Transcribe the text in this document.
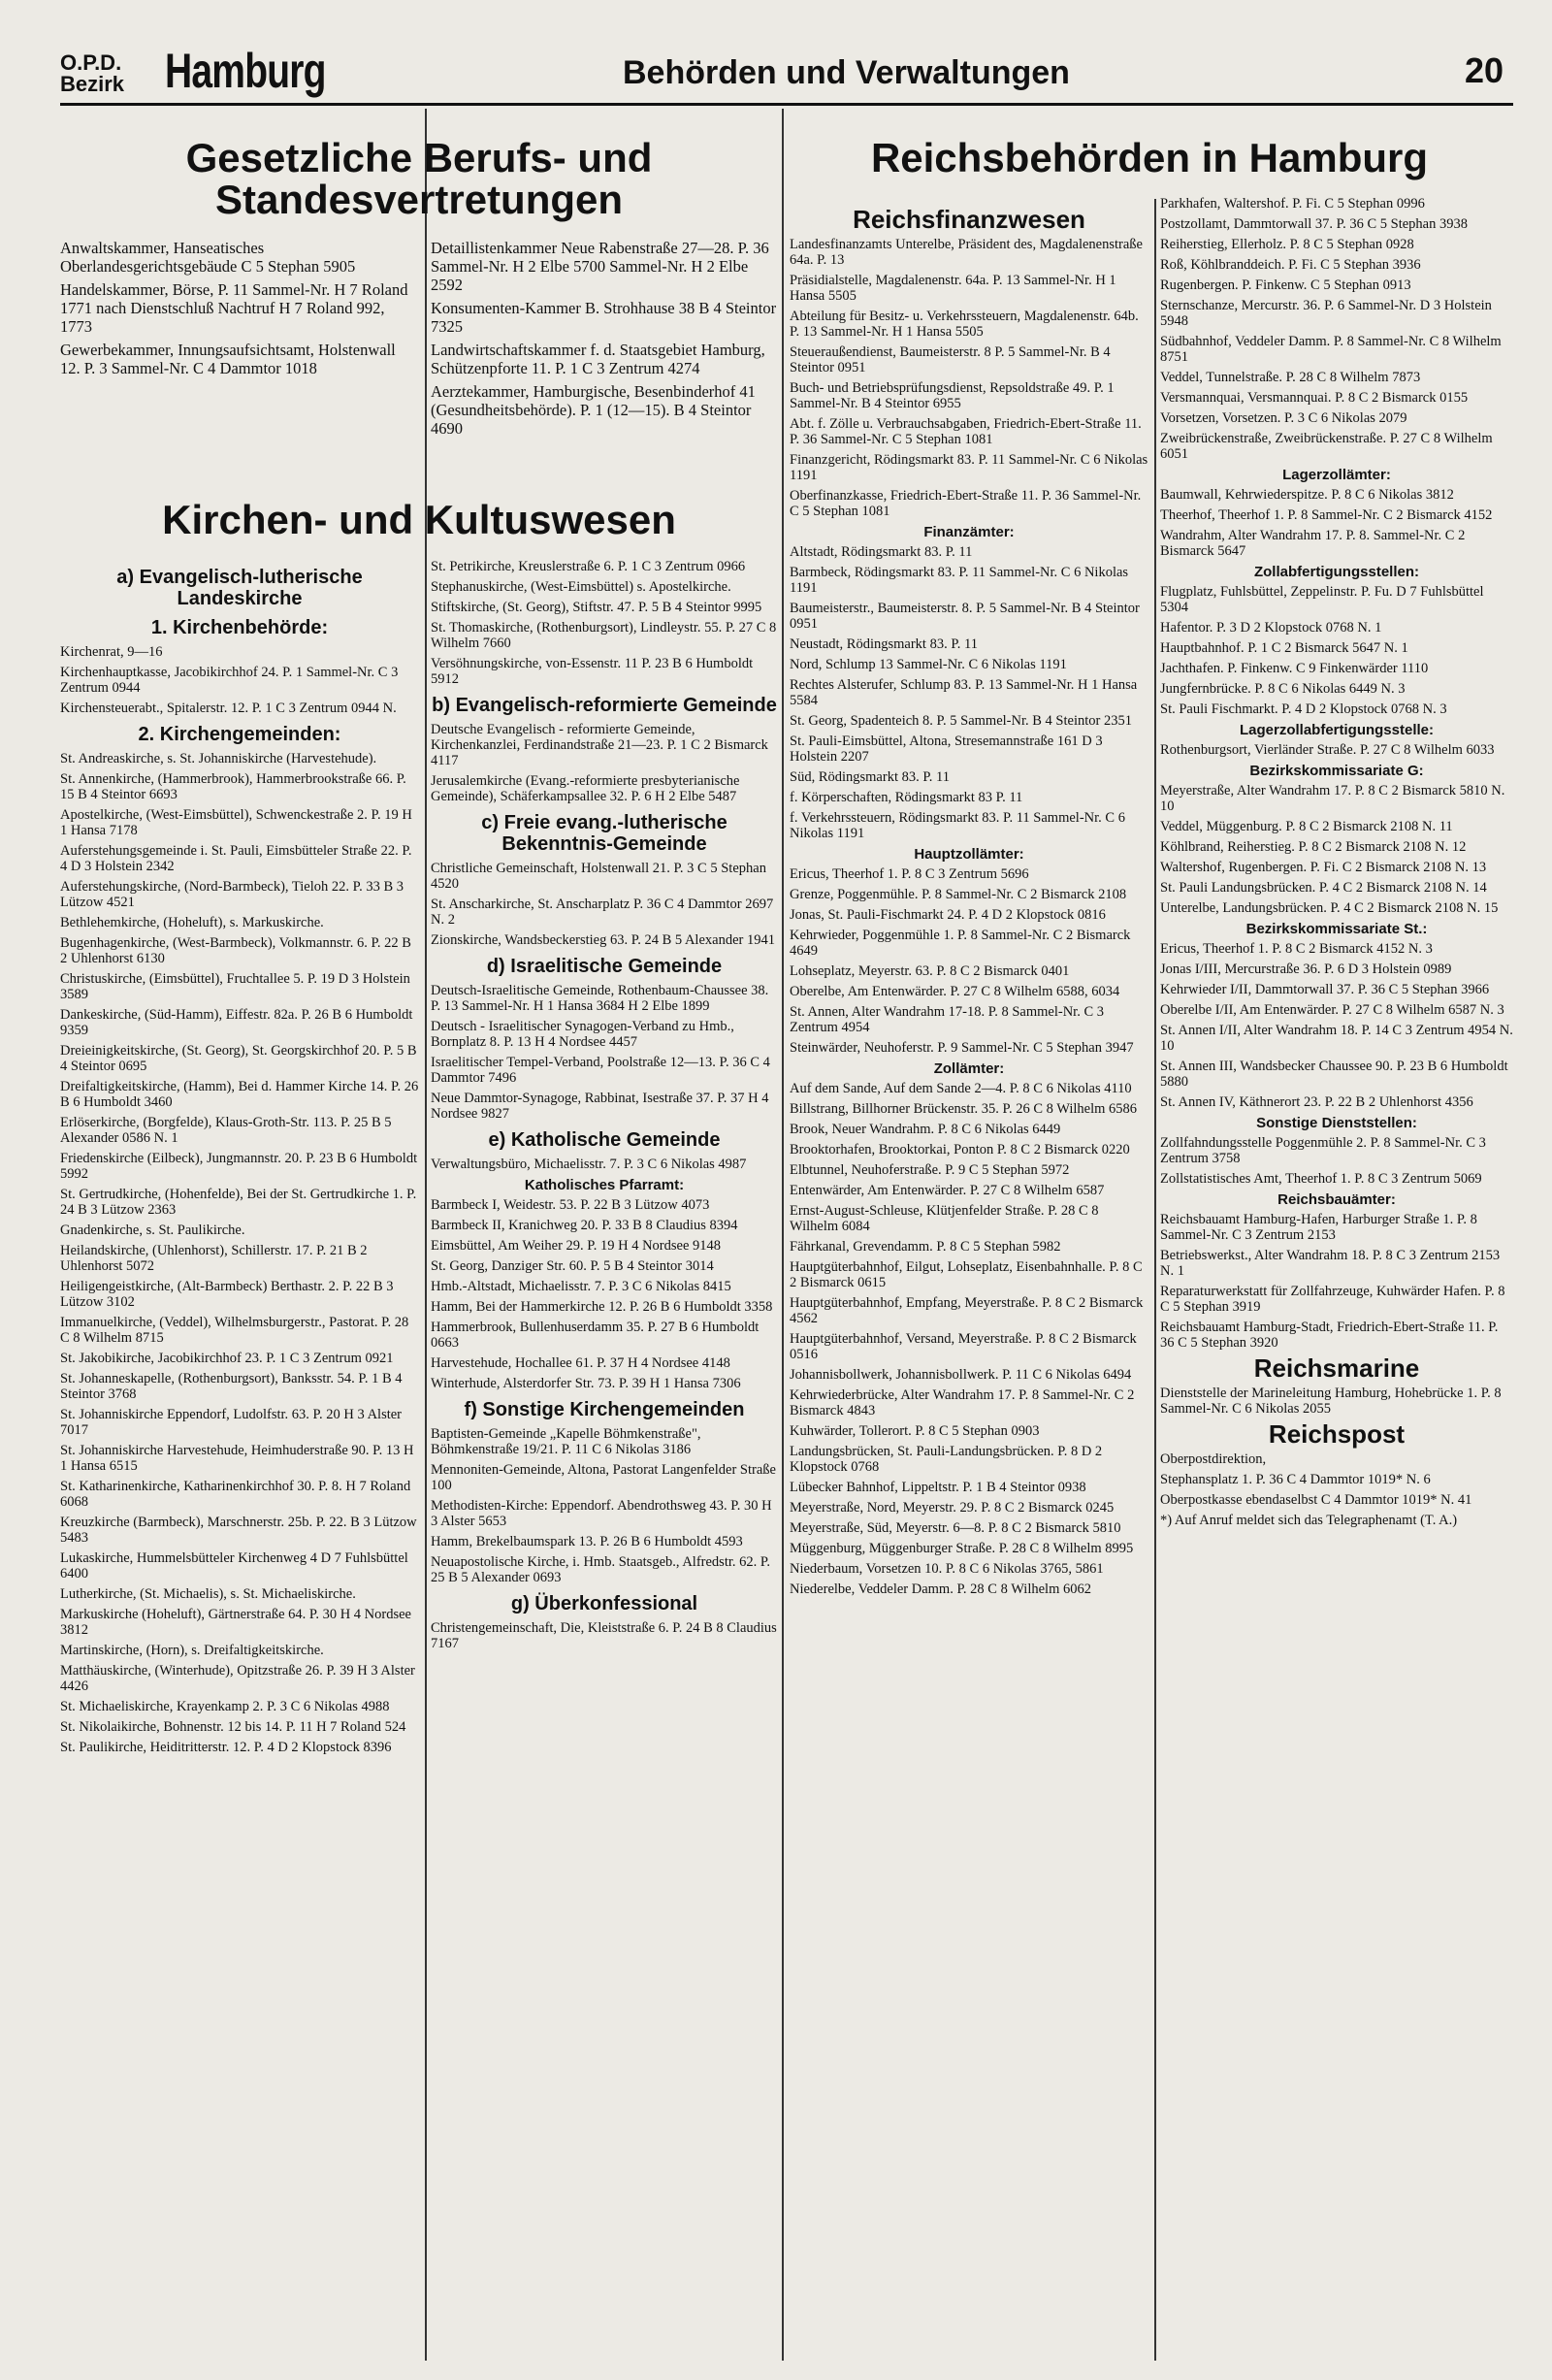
O.P.D.
Bezirk Hamburg	Behörden und Verwaltungen	20
Gesetzliche Berufs- und Standesvertretungen
Reichsbehörden in Hamburg
Kirchen- und Kultuswesen
Anwaltskammer, Hanseatisches Oberlandesgerichtsgebäude C 5 Stephan 5905
Handelskammer, Börse, P. 11 Sammel-Nr. H 7 Roland 1771 nach Dienstschluß Nachtruf H 7 Roland 992, 1773
Gewerbekammer, Innungsaufsichtsamt, Holstenwall 12. P. 3 Sammel-Nr. C 4 Dammtor 1018
Detaillistenkammer Neue Rabenstraße 27—28. P. 36 Sammel-Nr. H 2 Elbe 5700 Sammel-Nr. H 2 Elbe 2592
Konsumenten-Kammer B. Strohhause 38 B 4 Steintor 7325
Landwirtschaftskammer f. d. Staatsgebiet Hamburg, Schützenpforte 11. P. 1 C 3 Zentrum 4274
Aerztekammer, Hamburgische, Besenbinderhof 41 (Gesundheitsbehörde). P. 1 (12—15). B 4 Steintor 4690
a) Evangelisch-lutherische Landeskirche
1. Kirchenbehörde:
Kirchenrat, 9—16
Kirchenhauptkasse, Jacobikirchhof 24. P. 1 Sammel-Nr. C 3 Zentrum 0944
Kirchensteuerabt., Spitalerstr. 12. P. 1 C 3 Zentrum 0944 N.
2. Kirchengemeinden:
St. Andreaskirche, s. St. Johanniskirche (Harvestehude).
St. Annenkirche, (Hammerbrook), Hammerbrookstraße 66. P. 15 B 4 Steintor 6693
Apostelkirche, (West-Eimsbüttel), Schwenckestraße 2. P. 19 H 1 Hansa 7178
Auferstehungsgemeinde i. St. Pauli, Eimsbütteler Straße 22. P. 4 D 3 Holstein 2342
Auferstehungskirche, (Nord-Barmbeck), Tieloh 22. P. 33 B 3 Lützow 4521
Bethlehemkirche, (Hoheluft), s. Markuskirche.
Bugenhagenkirche, (West-Barmbeck), Volkmannstr. 6. P. 22 B 2 Uhlenhorst 6130
Christuskirche, (Eimsbüttel), Fruchtallee 5. P. 19 D 3 Holstein 3589
Dankeskirche, (Süd-Hamm), Eiffestr. 82a. P. 26 B 6 Humboldt 9359
Dreieinigkeitskirche, (St. Georg), St. Georgskirchhof 20. P. 5 B 4 Steintor 0695
Dreifaltigkeitskirche, (Hamm), Bei d. Hammer Kirche 14. P. 26 B 6 Humboldt 3460
Erlöserkirche, (Borgfelde), Klaus-Groth-Str. 113. P. 25 B 5 Alexander 0586 N. 1
Friedenskirche (Eilbeck), Jungmannstr. 20. P. 23 B 6 Humboldt 5992
St. Gertrudkirche, (Hohenfelde), Bei der St. Gertrudkirche 1. P. 24 B 3 Lützow 2363
Gnadenkirche, s. St. Paulikirche.
Heilandskirche, (Uhlenhorst), Schillerstr. 17. P. 21 B 2 Uhlenhorst 5072
Heiligengeistkirche, (Alt-Barmbeck) Berthastr. 2. P. 22 B 3 Lützow 3102
Immanuelkirche, (Veddel), Wilhelmsburgerstr., Pastorat. P. 28 C 8 Wilhelm 8715
St. Jakobikirche, Jacobikirchhof 23. P. 1 C 3 Zentrum 0921
St. Johanneskapelle, (Rothenburgsort), Banksstr. 54. P. 1 B 4 Steintor 3768
St. Johanniskirche Eppendorf, Ludolfstr. 63. P. 20 H 3 Alster 7017
St. Johanniskirche Harvestehude, Heimhuderstraße 90. P. 13 H 1 Hansa 6515
St. Katharinenkirche, Katharinenkirchhof 30. P. 8. H 7 Roland 6068
Kreuzkirche (Barmbeck), Marschnerstr. 25b. P. 22. B 3 Lützow 5483
Lukaskirche, Hummelsbütteler Kirchenweg 4 D 7 Fuhlsbüttel 6400
Lutherkirche, (St. Michaelis), s. St. Michaeliskirche.
Markuskirche (Hoheluft), Gärtnerstraße 64. P. 30 H 4 Nordsee 3812
Martinskirche, (Horn), s. Dreifaltigkeitskirche.
Matthäuskirche, (Winterhude), Opitzstraße 26. P. 39 H 3 Alster 4426
St. Michaeliskirche, Krayenkamp 2. P. 3 C 6 Nikolas 4988
St. Nikolaikirche, Bohnenstr. 12 bis 14. P. 11 H 7 Roland 524
St. Paulikirche, Heiditritterstr. 12. P. 4 D 2 Klopstock 8396
St. Petrikirche, Kreuslerstraße 6. P. 1 C 3 Zentrum 0966
Stephanuskirche, (West-Eimsbüttel) s. Apostelkirche.
Stiftskirche, (St. Georg), Stiftstr. 47. P. 5 B 4 Steintor 9995
St. Thomaskirche, (Rothenburgsort), Lindleystr. 55. P. 27 C 8 Wilhelm 7660
Versöhnungskirche, von-Essenstr. 11 P. 23 B 6 Humboldt 5912
b) Evangelisch-reformierte Gemeinde
Deutsche Evangelisch - reformierte Gemeinde, Kirchenkanzlei, Ferdinandstraße 21—23. P. 1 C 2 Bismarck 4117
Jerusalemkirche (Evang.-reformierte presbyterianische Gemeinde), Schäferkampsallee 32. P. 6 H 2 Elbe 5487
c) Freie evang.-lutherische Bekenntnis-Gemeinde
Christliche Gemeinschaft, Holstenwall 21. P. 3 C 5 Stephan 4520
St. Anscharkirche, St. Anscharplatz P. 36 C 4 Dammtor 2697 N. 2
Zionskirche, Wandsbeckerstieg 63. P. 24 B 5 Alexander 1941
d) Israelitische Gemeinde
Deutsch-Israelitische Gemeinde, Rothenbaum-Chaussee 38. P. 13 Sammel-Nr. H 1 Hansa 3684 H 2 Elbe 1899
Deutsch - Israelitischer Synagogen-Verband zu Hmb., Bornplatz 8. P. 13 H 4 Nordsee 4457
Israelitischer Tempel-Verband, Poolstraße 12—13. P. 36 C 4 Dammtor 7496
Neue Dammtor-Synagoge, Rabbinat, Isestraße 37. P. 37 H 4 Nordsee 9827
e) Katholische Gemeinde
Verwaltungsbüro, Michaelisstr. 7. P. 3 C 6 Nikolas 4987
Katholisches Pfarramt:
Barmbeck I, Weidestr. 53. P. 22 B 3 Lützow 4073
Barmbeck II, Kranichweg 20. P. 33 B 8 Claudius 8394
Eimsbüttel, Am Weiher 29. P. 19 H 4 Nordsee 9148
St. Georg, Danziger Str. 60. P. 5 B 4 Steintor 3014
Hmb.-Altstadt, Michaelisstr. 7. P. 3 C 6 Nikolas 8415
Hamm, Bei der Hammerkirche 12. P. 26 B 6 Humboldt 3358
Hammerbrook, Bullenhuserdamm 35. P. 27 B 6 Humboldt 0663
Harvestehude, Hochallee 61. P. 37 H 4 Nordsee 4148
Winterhude, Alsterdorfer Str. 73. P. 39 H 1 Hansa 7306
f) Sonstige Kirchengemeinden
Baptisten-Gemeinde „Kapelle Böhmkenstraße", Böhmkenstraße 19/21. P. 11 C 6 Nikolas 3186
Mennoniten-Gemeinde, Altona, Pastorat Langenfelder Straße 100
Methodisten-Kirche: Eppendorf. Abendrothsweg 43. P. 30 H 3 Alster 5653
Hamm, Brekelbaumspark 13. P. 26 B 6 Humboldt 4593
Neuapostolische Kirche, i. Hmb. Staatsgeb., Alfredstr. 62. P. 25 B 5 Alexander 0693
g) Überkonfessional
Christengemeinschaft, Die, Kleiststraße 6. P. 24 B 8 Claudius 7167
Reichsfinanzwesen
Landesfinanzamts Unterelbe, Präsident des, Magdalenenstraße 64a. P. 13
Präsidialstelle, Magdalenenstr. 64a. P. 13 Sammel-Nr. H 1 Hansa 5505
Abteilung für Besitz- u. Verkehrssteuern, Magdalenenstr. 64b. P. 13 Sammel-Nr. H 1 Hansa 5505
Steueraußendienst, Baumeisterstr. 8 P. 5 Sammel-Nr. B 4 Steintor 0951
Buch- und Betriebsprüfungsdienst, Repsoldstraße 49. P. 1 Sammel-Nr. B 4 Steintor 6955
Abt. f. Zölle u. Verbrauchsabgaben, Friedrich-Ebert-Straße 11. P. 36 Sammel-Nr. C 5 Stephan 1081
Finanzgericht, Rödingsmarkt 83. P. 11 Sammel-Nr. C 6 Nikolas 1191
Oberfinanzkasse, Friedrich-Ebert-Straße 11. P. 36 Sammel-Nr. C 5 Stephan 1081
Finanzämter:
Altstadt, Rödingsmarkt 83. P. 11
Barmbeck, Rödingsmarkt 83. P. 11 Sammel-Nr. C 6 Nikolas 1191
Baumeisterstr., Baumeisterstr. 8. P. 5 Sammel-Nr. B 4 Steintor 0951
Neustadt, Rödingsmarkt 83. P. 11
Nord, Schlump 13 Sammel-Nr. C 6 Nikolas 1191
Rechtes Alsterufer, Schlump 83. P. 13 Sammel-Nr. H 1 Hansa 5584
St. Georg, Spadenteich 8. P. 5 Sammel-Nr. B 4 Steintor 2351
St. Pauli-Eimsbüttel, Altona, Stresemannstraße 161 D 3 Holstein 2207
Süd, Rödingsmarkt 83. P. 11
f. Körperschaften, Rödingsmarkt 83 P. 11
f. Verkehrssteuern, Rödingsmarkt 83. P. 11 Sammel-Nr. C 6 Nikolas 1191
Hauptzollämter:
Ericus, Theerhof 1. P. 8 C 3 Zentrum 5696
Grenze, Poggenmühle. P. 8 Sammel-Nr. C 2 Bismarck 2108
Jonas, St. Pauli-Fischmarkt 24. P. 4 D 2 Klopstock 0816
Kehrwieder, Poggenmühle 1. P. 8 Sammel-Nr. C 2 Bismarck 4649
Lohseplatz, Meyerstr. 63. P. 8 C 2 Bismarck 0401
Oberelbe, Am Entenwärder. P. 27 C 8 Wilhelm 6588, 6034
St. Annen, Alter Wandrahm 17-18. P. 8 Sammel-Nr. C 3 Zentrum 4954
Steinwärder, Neuhoferstr. P. 9 Sammel-Nr. C 5 Stephan 3947
Zollämter:
Auf dem Sande, Auf dem Sande 2—4. P. 8 C 6 Nikolas 4110
Billstrang, Billhorner Brückenstr. 35. P. 26 C 8 Wilhelm 6586
Brook, Neuer Wandrahm. P. 8 C 6 Nikolas 6449
Brooktorhafen, Brooktorkai, Ponton P. 8 C 2 Bismarck 0220
Elbtunnel, Neuhoferstraße. P. 9 C 5 Stephan 5972
Entenwärder, Am Entenwärder. P. 27 C 8 Wilhelm 6587
Ernst-August-Schleuse, Klütjenfelder Straße. P. 28 C 8 Wilhelm 6084
Fährkanal, Grevendamm. P. 8 C 5 Stephan 5982
Hauptgüterbahnhof, Eilgut, Lohseplatz, Eisenbahnhalle. P. 8 C 2 Bismarck 0615
Hauptgüterbahnhof, Empfang, Meyerstraße. P. 8 C 2 Bismarck 4562
Hauptgüterbahnhof, Versand, Meyerstraße. P. 8 C 2 Bismarck 0516
Johannisbollwerk, Johannisbollwerk. P. 11 C 6 Nikolas 6494
Kehrwiederbrücke, Alter Wandrahm 17. P. 8 Sammel-Nr. C 2 Bismarck 4843
Kuhwärder, Tollerort. P. 8 C 5 Stephan 0903
Landungsbrücken, St. Pauli-Landungsbrücken. P. 8 D 2 Klopstock 0768
Lübecker Bahnhof, Lippeltstr. P. 1 B 4 Steintor 0938
Meyerstraße, Nord, Meyerstr. 29. P. 8 C 2 Bismarck 0245
Meyerstraße, Süd, Meyerstr. 6—8. P. 8 C 2 Bismarck 5810
Müggenburg, Müggenburger Straße. P. 28 C 8 Wilhelm 8995
Niederbaum, Vorsetzen 10. P. 8 C 6 Nikolas 3765, 5861
Niederelbe, Veddeler Damm. P. 28 C 8 Wilhelm 6062
Parkhafen, Waltershof. P. Fi. C 5 Stephan 0996
Postzollamt, Dammtorwall 37. P. 36 C 5 Stephan 3938
Reiherstieg, Ellerholz. P. 8 C 5 Stephan 0928
Roß, Köhlbranddeich. P. Fi. C 5 Stephan 3936
Rugenbergen. P. Finkenw. C 5 Stephan 0913
Sternschanze, Mercurstr. 36. P. 6 Sammel-Nr. D 3 Holstein 5948
Südbahnhof, Veddeler Damm. P. 8 Sammel-Nr. C 8 Wilhelm 8751
Veddel, Tunnelstraße. P. 28 C 8 Wilhelm 7873
Versmannquai, Versmannquai. P. 8 C 2 Bismarck 0155
Vorsetzen, Vorsetzen. P. 3 C 6 Nikolas 2079
Zweibrückenstraße, Zweibrückenstraße. P. 27 C 8 Wilhelm 6051
Lagerzollämter:
Baumwall, Kehrwiederspitze. P. 8 C 6 Nikolas 3812
Theerhof, Theerhof 1. P. 8 Sammel-Nr. C 2 Bismarck 4152
Wandrahm, Alter Wandrahm 17. P. 8. Sammel-Nr. C 2 Bismarck 5647
Zollabfertigungsstellen:
Flugplatz, Fuhlsbüttel, Zeppelinstr. P. Fu. D 7 Fuhlsbüttel 5304
Hafentor. P. 3 D 2 Klopstock 0768 N. 1
Hauptbahnhof. P. 1 C 2 Bismarck 5647 N. 1
Jachthafen. P. Finkenw. C 9 Finkenwärder 1110
Jungfernbrücke. P. 8 C 6 Nikolas 6449 N. 3
St. Pauli Fischmarkt. P. 4 D 2 Klopstock 0768 N. 3
Lagerzollabfertigungsstelle:
Rothenburgsort, Vierländer Straße. P. 27 C 8 Wilhelm 6033
Bezirkskommissariate G:
Meyerstraße, Alter Wandrahm 17. P. 8 C 2 Bismarck 5810 N. 10
Veddel, Müggenburg. P. 8 C 2 Bismarck 2108 N. 11
Köhlbrand, Reiherstieg. P. 8 C 2 Bismarck 2108 N. 12
Waltershof, Rugenbergen. P. Fi. C 2 Bismarck 2108 N. 13
St. Pauli Landungsbrücken. P. 4 C 2 Bismarck 2108 N. 14
Unterelbe, Landungsbrücken. P. 4 C 2 Bismarck 2108 N. 15
Bezirkskommissariate St.:
Ericus, Theerhof 1. P. 8 C 2 Bismarck 4152 N. 3
Jonas I/III, Mercurstraße 36. P. 6 D 3 Holstein 0989
Kehrwieder I/II, Dammtorwall 37. P. 36 C 5 Stephan 3966
Oberelbe I/II, Am Entenwärder. P. 27 C 8 Wilhelm 6587 N. 3
St. Annen I/II, Alter Wandrahm 18. P. 14 C 3 Zentrum 4954 N. 10
St. Annen III, Wandsbecker Chaussee 90. P. 23 B 6 Humboldt 5880
St. Annen IV, Käthnerort 23. P. 22 B 2 Uhlenhorst 4356
Sonstige Dienststellen:
Zollfahndungsstelle Poggenmühle 2. P. 8 Sammel-Nr. C 3 Zentrum 3758
Zollstatistisches Amt, Theerhof 1. P. 8 C 3 Zentrum 5069
Reichsbauämter:
Reichsbauamt Hamburg-Hafen, Harburger Straße 1. P. 8 Sammel-Nr. C 3 Zentrum 2153
Betriebswerkst., Alter Wandrahm 18. P. 8 C 3 Zentrum 2153 N. 1
Reparaturwerkstatt für Zollfahrzeuge, Kuhwärder Hafen. P. 8 C 5 Stephan 3919
Reichsbauamt Hamburg-Stadt, Friedrich-Ebert-Straße 11. P. 36 C 5 Stephan 3920
Reichsmarine
Dienststelle der Marineleitung Hamburg, Hohebrücke 1. P. 8 Sammel-Nr. C 6 Nikolas 2055
Reichspost
Oberpostdirektion,
Stephansplatz 1. P. 36 C 4 Dammtor 1019* N. 6
Oberpostkasse ebendaselbst C 4 Dammtor 1019* N. 41
*) Auf Anruf meldet sich das Telegraphenamt (T. A.)
